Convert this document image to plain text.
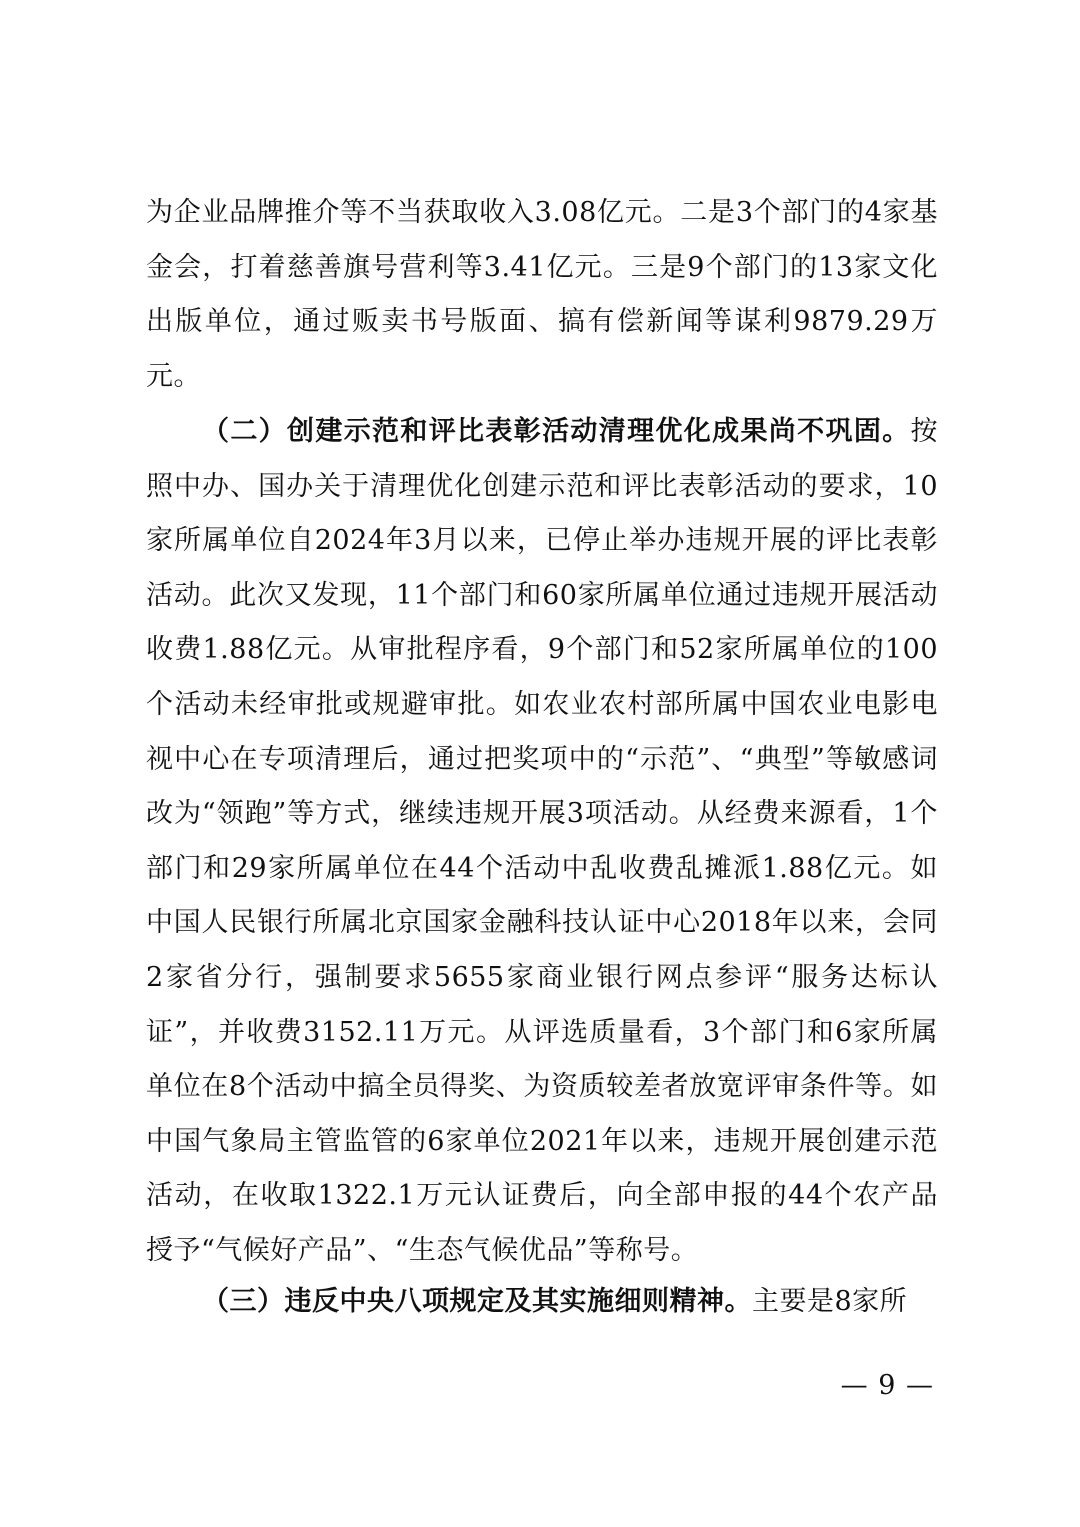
为企业品牌推介等不当获取收入3.08亿元。二是3个部门的4家基金会，打着慈善旗号营利等3.41亿元。三是9个部门的13家文化出版单位，通过贩卖书号版面、搞有偿新闻等谋利9879.29万元。

（二）创建示范和评比表彰活动清理优化成果尚不巩固。按照中办、国办关于清理优化创建示范和评比表彰活动的要求，10家所属单位自2024年3月以来，已停止举办违规开展的评比表彰活动。此次又发现，11个部门和60家所属单位通过违规开展活动收费1.88亿元。从审批程序看，9个部门和52家所属单位的100个活动未经审批或规避审批。如农业农村部所属中国农业电影电视中心在专项清理后，通过把奖项中的“示范”、“典型”等敏感词改为“领跑”等方式，继续违规开展3项活动。从经费来源看，1个部门和29家所属单位在44个活动中乱收费乱摊派1.88亿元。如中国人民银行所属北京国家金融科技认证中心2018年以来，会同2家省分行，强制要求5655家商业银行网点参评“服务达标认证”，并收费3152.11万元。从评选质量看，3个部门和6家所属单位在8个活动中搞全员得奖、为资质较差者放宽评审条件等。如中国气象局主管监管的6家单位2021年以来，违规开展创建示范活动，在收取1322.1万元认证费后，向全部申报的44个农产品授予“气候好产品”、“生态气候优品”等称号。

（三）违反中央八项规定及其实施细则精神。主要是8家所

— 9 —
